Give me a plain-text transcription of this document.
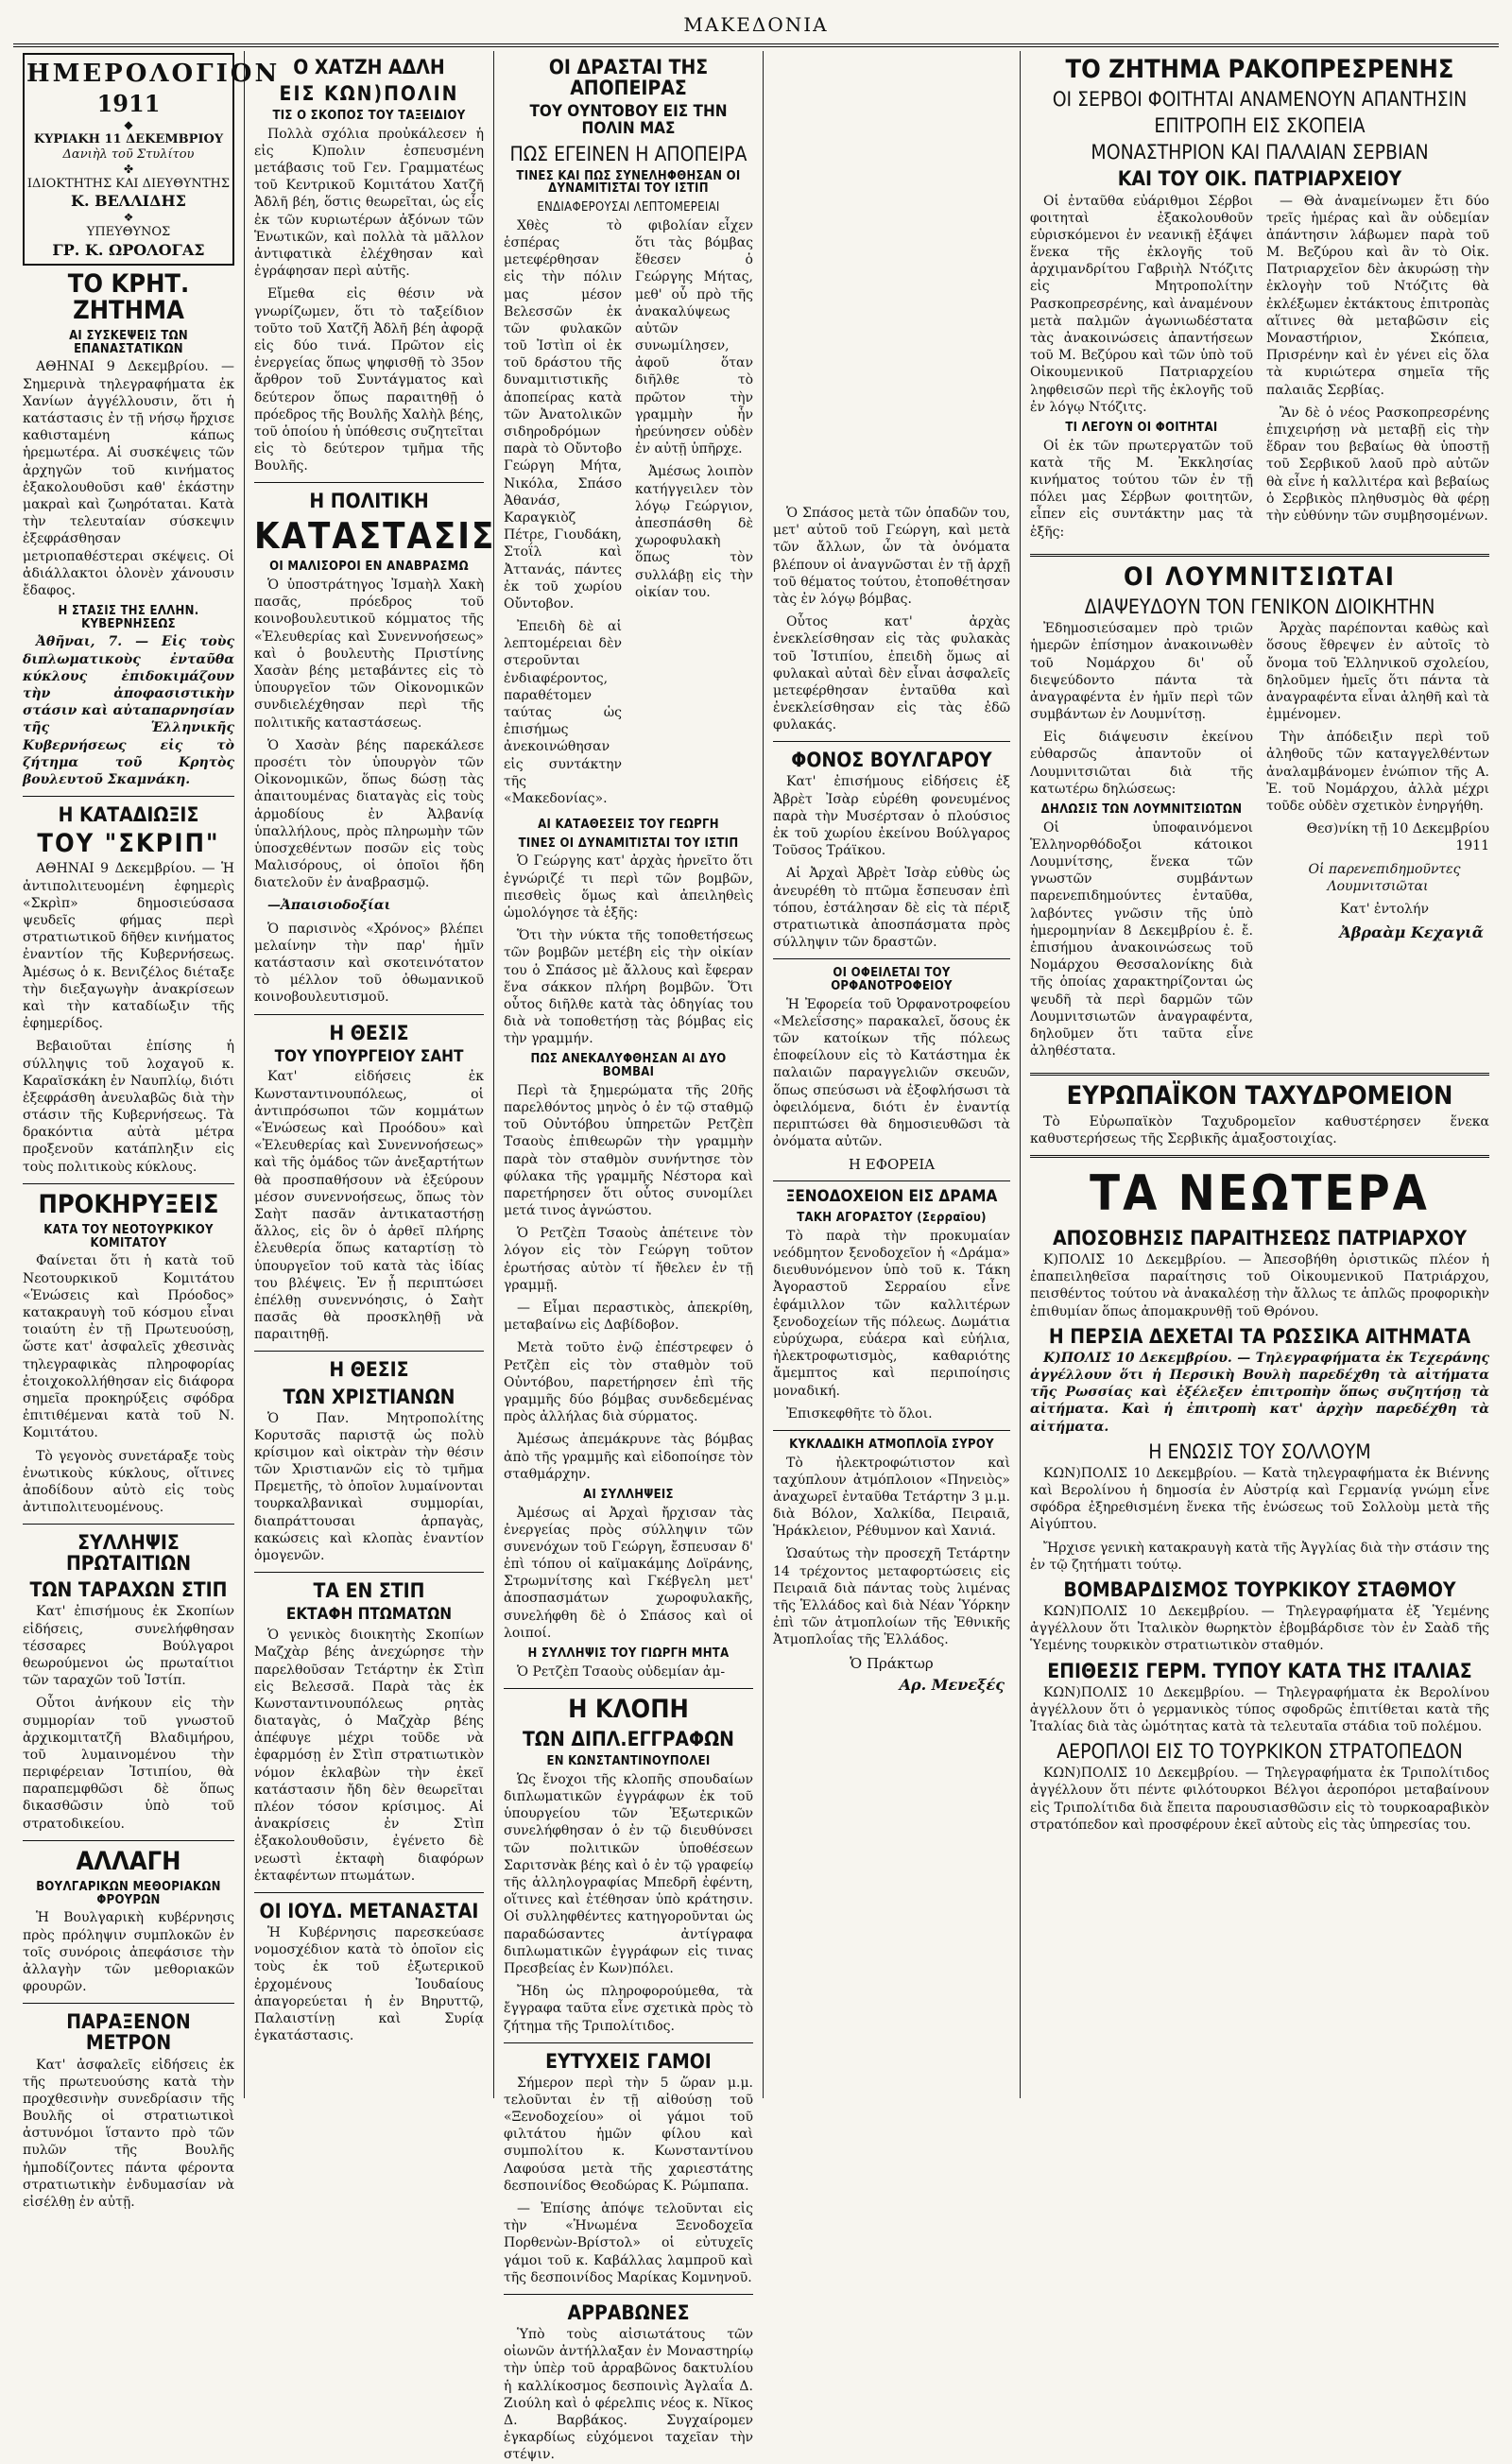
ΜΑΚΕΔΟΝΙΑ
ΗΜΕΡΟΛΟΓΙΟΝ
1911
◆
ΚΥΡΙΑΚΗ 11 ΔΕΚΕΜΒΡΙΟΥ
Δανιὴλ τοῦ Στυλίτου
✤
ΙΔΙΟΚΤΗΤΗΣ ΚΑΙ ΔΙΕΥΘΥΝΤΗΣ
Κ. ΒΕΛΛΙΔΗΣ
❖
ΥΠΕΥΘΥΝΟΣ
ΓΡ. Κ. ΩΡΟΛΟΓΑΣ
ΤΟ ΚΡΗΤ. ΖΗΤΗΜΑ
ΑΙ ΣΥΣΚΕΨΕΙΣ ΤΩΝ ΕΠΑΝΑΣΤΑΤΙΚΩΝ

ΑΘΗΝΑΙ 9 Δεκεμβρίου. — Σημερινὰ τηλεγραφήματα ἐκ Χανίων ἀγγέλλουσιν, ὅτι ἡ κατάστασις ἐν τῇ νήσῳ ἤρχισε καθισταμένη κάπως ἡρεμωτέρα. Αἱ συσκέψεις τῶν ἀρχηγῶν τοῦ κινήματος ἐξακολουθοῦσι καθ' ἑκάστην μακραὶ καὶ ζωηρόταται. Κατὰ τὴν τελευταίαν σύσκεψιν ἐξεφράσθησαν μετριοπαθέστεραι σκέψεις. Οἱ ἀδιάλλακτοι ὀλονὲν χάνουσιν ἔδαφος.

Η ΣΤΑΣΙΣ ΤΗΣ ΕΛΛΗΝ. ΚΥΒΕΡΝΗΣΕΩΣ

Ἀθῆναι, 7. — Εἰς τοὺς διπλωματικοὺς ἐνταῦθα κύκλους ἐπιδοκιμάζουν τὴν ἀποφασιστικὴν στάσιν καὶ αὐταπαρνησίαν τῆς Ἑλληνικῆς Κυβερνήσεως εἰς τὸ ζήτημα τοῦ Κρητὸς βουλευτοῦ Σκαμνάκη.

Η ΚΑΤΑΔΙΩΞΙΣ
ΤΟΥ "ΣΚΡΙΠ"

ΑΘΗΝΑΙ 9 Δεκεμβρίου. — Ἡ ἀντιπολιτευομένη ἐφημερὶς «Σκρὶπ» δημοσιεύσασα ψευδεῖς φήμας περὶ στρατιωτικοῦ δῆθεν κινήματος ἐναντίον τῆς Κυβερνήσεως. Ἀμέσως ὁ κ. Βενιζέλος διέταξε τὴν διεξαγωγὴν ἀνακρίσεων καὶ τὴν καταδίωξιν τῆς ἐφημερίδος.

Βεβαιοῦται ἐπίσης ἡ σύλληψις τοῦ λοχαγοῦ κ. Καραϊσκάκη ἐν Ναυπλίῳ, διότι ἐξεφράσθη ἀνευλαβῶς διὰ τὴν στάσιν τῆς Κυβερνήσεως. Τὰ δρακόντια αὐτὰ μέτρα προξενοῦν κατάπληξιν εἰς τοὺς πολιτικοὺς κύκλους.

ΠΡΟΚΗΡΥΞΕΙΣ
ΚΑΤΑ ΤΟΥ ΝΕΟΤΟΥΡΚΙΚΟΥ ΚΟΜΙΤΑΤΟΥ

Φαίνεται ὅτι ἡ κατὰ τοῦ Νεοτουρκικοῦ Κομιτάτου «Ἑνώσεις καὶ Πρόοδος» κατακραυγὴ τοῦ κόσμου εἶναι τοιαύτη ἐν τῇ Πρωτευούσῃ, ὥστε κατ' ἀσφαλεῖς χθεσινὰς τηλεγραφικὰς πληροφορίας ἐτοιχοκολλήθησαν εἰς διάφορα σημεῖα προκηρύξεις σφόδρα ἐπιτιθέμεναι κατὰ τοῦ Ν. Κομιτάτου.

Τὸ γεγονὸς συνετάραξε τοὺς ἐνωτικοὺς κύκλους, οἵτινες ἀποδίδουν αὐτὸ εἰς τοὺς ἀντιπολιτευομένους.

ΣΥΛΛΗΨΙΣ ΠΡΩΤΑΙΤΙΩΝ
ΤΩΝ ΤΑΡΑΧΩΝ ΣΤΙΠ

Κατ' ἐπισήμους ἐκ Σκοπίων εἰδήσεις, συνελήφθησαν τέσσαρες Βούλγαροι θεωρούμενοι ὡς πρωταίτιοι τῶν ταραχῶν τοῦ Ἰστίπ.

Οὗτοι ἀνήκουν εἰς τὴν συμμορίαν τοῦ γνωστοῦ ἀρχικομιτατζῆ Βλαδιμήρου, τοῦ λυμαινομένου τὴν περιφέρειαν Ἰστιπίου, θὰ παραπεμφθῶσι δὲ ὅπως δικασθῶσιν ὑπὸ τοῦ στρατοδικείου.

ΑΛΛΑΓΗ
ΒΟΥΛΓΑΡΙΚΩΝ ΜΕΘΟΡΙΑΚΩΝ ΦΡΟΥΡΩΝ

Ἡ Βουλγαρικὴ κυβέρνησις πρὸς πρόληψιν συμπλοκῶν ἐν τοῖς συνόροις ἀπεφάσισε τὴν ἀλλαγὴν τῶν μεθοριακῶν φρουρῶν.

ΠΑΡΑΞΕΝΟΝ ΜΕΤΡΟΝ

Κατ' ἀσφαλεῖς εἰδήσεις ἐκ τῆς πρωτευούσης κατὰ τὴν προχθεσινὴν συνεδρίασιν τῆς Βουλῆς οἱ στρατιωτικοὶ ἀστυνόμοι ἵσταντο πρὸ τῶν πυλῶν τῆς Βουλῆς ἡμποδίζοντες πάντα φέροντα στρατιωτικὴν ἐνδυμασίαν νὰ εἰσέλθῃ ἐν αὐτῇ.

Ο ΧΑΤΖΗ ΑΔΛΗ
ΕΙΣ ΚΩΝ)ΠΟΛΙΝ
ΤΙΣ Ο ΣΚΟΠΟΣ ΤΟΥ ΤΑΞΕΙΔΙΟΥ

Πολλὰ σχόλια προὐκάλεσεν ἡ εἰς Κ)πολιν ἐσπευσμένη μετάβασις τοῦ Γεν. Γραμματέως τοῦ Κεντρικοῦ Κομιτάτου Χατζῆ Ἀδλῆ βέη, ὅστις θεωρεῖται, ὡς εἷς ἐκ τῶν κυριωτέρων ἀξόνων τῶν Ἑνωτικῶν, καὶ πολλὰ τὰ μᾶλλον ἀντιφατικὰ ἐλέχθησαν καὶ ἐγράφησαν περὶ αὐτῆς.

Εἴμεθα εἰς θέσιν νὰ γνωρίζωμεν, ὅτι τὸ ταξείδιον τοῦτο τοῦ Χατζῆ Ἀδλῆ βέη ἀφορᾷ εἰς δύο τινά. Πρῶτον εἰς ἐνεργείας ὅπως ψηφισθῇ τὸ 35ον ἄρθρον τοῦ Συντάγματος καὶ δεύτερον ὅπως παραιτηθῇ ὁ πρόεδρος τῆς Βουλῆς Χαλὴλ βέης, τοῦ ὁποίου ἡ ὑπόθεσις συζητεῖται εἰς τὸ δεύτερον τμῆμα τῆς Βουλῆς.

Η ΠΟΛΙΤΙΚΗ
ΚΑΤΑΣΤΑΣΙΣ
ΟΙ ΜΑΛΙΣΟΡΟΙ ΕΝ ΑΝΑΒΡΑΣΜΩ

Ὁ ὑποστράτηγος Ἰσμαὴλ Χακὴ πασᾶς, πρόεδρος τοῦ κοινοβουλευτικοῦ κόμματος τῆς «Ἐλευθερίας καὶ Συνεννοήσεως» καὶ ὁ βουλευτὴς Πριστίνης Χασὰν βέης μεταβάντες εἰς τὸ ὑπουργεῖον τῶν Οἰκονομικῶν συνδιελέχθησαν περὶ τῆς πολιτικῆς καταστάσεως.

Ὁ Χασὰν βέης παρεκάλεσε προσέτι τὸν ὑπουργὸν τῶν Οἰκονομικῶν, ὅπως δώσῃ τὰς ἀπαιτουμένας διαταγὰς εἰς τοὺς ἁρμοδίους ἐν Ἀλβανίᾳ ὑπαλλήλους, πρὸς πληρωμὴν τῶν ὑποσχεθέντων ποσῶν εἰς τοὺς Μαλισόρους, οἱ ὁποῖοι ἤδη διατελοῦν ἐν ἀναβρασμῷ.

—Ἀπαισιοδοξίαι

Ὁ παρισινὸς «Χρόνος» βλέπει μελαίνην τὴν παρ' ἡμῖν κατάστασιν καὶ σκοτεινότατον τὸ μέλλον τοῦ ὀθωμανικοῦ κοινοβουλευτισμοῦ.

Η ΘΕΣΙΣ
ΤΟΥ ΥΠΟΥΡΓΕΙΟΥ ΣΑΗΤ

Κατ' εἰδήσεις ἐκ Κωνσταντινουπόλεως, οἱ ἀντιπρόσωποι τῶν κομμάτων «Ἑνώσεως καὶ Προόδου» καὶ «Ἐλευθερίας καὶ Συνεννοήσεως» καὶ τῆς ὁμάδος τῶν ἀνεξαρτήτων θὰ προσπαθήσουν νὰ ἐξεύρουν μέσον συνεννοήσεως, ὅπως τὸν Σαὴτ πασᾶν ἀντικαταστήσῃ ἄλλος, εἰς ὃν ὁ ἀρθεῖ πλήρης ἐλευθερία ὅπως καταρτίσῃ τὸ ὑπουργεῖον τοῦ κατὰ τὰς ἰδίας του βλέψεις. Ἐν ᾗ περιπτώσει ἐπέλθῃ συνεννόησις, ὁ Σαὴτ πασᾶς θὰ προσκληθῇ νὰ παραιτηθῇ.

Η ΘΕΣΙΣ
ΤΩΝ ΧΡΙΣΤΙΑΝΩΝ

Ὁ Παν. Μητροπολίτης Κορυτσᾶς παριστᾷ ὡς πολὺ κρίσιμον καὶ οἰκτρὰν τὴν θέσιν τῶν Χριστιανῶν εἰς τὸ τμῆμα Πρεμετῆς, τὸ ὁποῖον λυμαίνονται τουρκαλβανικαὶ συμμορίαι, διαπράττουσαι ἁρπαγὰς, κακώσεις καὶ κλοπὰς ἐναντίον ὁμογενῶν.

ΤΑ ΕΝ ΣΤΙΠ
ΕΚΤΑΦΗ ΠΤΩΜΑΤΩΝ

Ὁ γενικὸς διοικητὴς Σκοπίων Μαζχὰρ βέης ἀνεχώρησε τὴν παρελθοῦσαν Τετάρτην ἐκ Στὶπ εἰς Βελεσσᾶ. Παρὰ τὰς ἐκ Κωνσταντινουπόλεως ρητὰς διαταγὰς, ὁ Μαζχὰρ βέης ἀπέφυγε μέχρι τοῦδε νὰ ἐφαρμόσῃ ἐν Στὶπ στρατιωτικὸν νόμον ἐκλαβὼν τὴν ἐκεῖ κατάστασιν ἤδη δὲν θεωρεῖται πλέον τόσον κρίσιμος. Αἱ ἀνακρίσεις ἐν Στὶπ ἐξακολουθοῦσιν, ἐγένετο δὲ νεωστὶ ἐκταφὴ διαφόρων ἐκταφέντων πτωμάτων.

ΟΙ ΙΟΥΔ. ΜΕΤΑΝΑΣΤΑΙ

Ἡ Κυβέρνησις παρεσκεύασε νομοσχέδιον κατὰ τὸ ὁποῖον εἰς τοὺς ἐκ τοῦ ἐξωτερικοῦ ἐρχομένους Ἰουδαίους ἀπαγορεύεται ἡ ἐν Βηρυττῷ, Παλαιστίνῃ καὶ Συρίᾳ ἐγκατάστασις.

ΟΙ ΔΡΑΣΤΑΙ ΤΗΣ ΑΠΟΠΕΙΡΑΣ
ΤΟΥ ΟΥΝΤΟΒΟΥ ΕΙΣ ΤΗΝ ΠΟΛΙΝ ΜΑΣ
ΠΩΣ ΕΓΕΙΝΕΝ Η ΑΠΟΠΕΙΡΑ
ΤΙΝΕΣ ΚΑΙ ΠΩΣ ΣΥΝΕΛΗΦΘΗΣΑΝ ΟΙ ΔΥΝΑΜΙΤΙΣΤΑΙ ΤΟΥ ΙΣΤΙΠ
ΕΝΔΙΑΦΕΡΟΥΣΑΙ ΛΕΠΤΟΜΕΡΕΙΑΙ

Χθὲς τὸ ἑσπέρας μετεφέρθησαν εἰς τὴν πόλιν μας μέσον Βελεσσῶν ἐκ τῶν φυλακῶν τοῦ Ἰστὶπ οἱ ἐκ τοῦ δράστου τῆς δυναμιτιστικῆς ἀποπείρας κατὰ τῶν Ἀνατολικῶν σιδηροδρόμων παρὰ τὸ Οὔντοβο Γεώργη Μήτα, Νικόλα, Σπάσο Ἀθανάσ, Καραγκιὸζ Πέτρε, Γιουδάκη, Στοΐλ καὶ Ἀττανάς, πάντες ἐκ τοῦ χωρίου Οὔντοβον.

Ἐπειδὴ δὲ αἱ λεπτομέρειαι δὲν στεροῦνται ἐνδιαφέροντος, παραθέτομεν ταύτας ὡς ἐπισήμως ἀνεκοινώθησαν εἰς συντάκτην τῆς «Μακεδονίας».

φιβολίαν εἶχεν ὅτι τὰς βόμβας ἔθεσεν ὁ Γεώργης Μήτας, μεθ' οὗ πρὸ τῆς ἀνακαλύψεως αὐτῶν συνωμίλησεν, ἀφοῦ ὅταν διῆλθε τὸ πρῶτον τὴν γραμμὴν ἦν ἠρεύνησεν οὐδὲν ἐν αὐτῇ ὑπῆρχε.

Ἀμέσως λοιπὸν κατήγγειλεν τὸν λόγῳ Γεώργιον, ἀπεσπάσθη δὲ χωροφυλακὴ ὅπως τὸν συλλάβῃ εἰς τὴν οἰκίαν του.

ΑΙ ΚΑΤΑΘΕΣΕΙΣ ΤΟΥ ΓΕΩΡΓΗ
ΤΙΝΕΣ ΟΙ ΔΥΝΑΜΙΤΙΣΤΑΙ ΤΟΥ ΙΣΤΙΠ

Ὁ Γεώργης κατ' ἀρχὰς ἠρνεῖτο ὅτι ἐγνώριζέ τι περὶ τῶν βομβῶν, πιεσθεὶς ὅμως καὶ ἀπειληθεὶς ὡμολόγησε τὰ ἑξῆς:

Ὅτι τὴν νύκτα τῆς τοποθετήσεως τῶν βομβῶν μετέβη εἰς τὴν οἰκίαν του ὁ Σπάσος μὲ ἄλλους καὶ ἔφεραν ἕνα σάκκον πλήρη βομβῶν. Ὅτι οὗτος διῆλθε κατὰ τὰς ὁδηγίας του διὰ νὰ τοποθετήσῃ τὰς βόμβας εἰς τὴν γραμμήν.

ΠΩΣ ΑΝΕΚΑΛΥΦΘΗΣΑΝ ΑΙ ΔΥΟ ΒΟΜΒΑΙ

Περὶ τὰ ξημερώματα τῆς 20ῆς παρελθόντος μηνὸς ὁ ἐν τῷ σταθμῷ τοῦ Οὐντόβου ὑπηρετῶν Ρετζὲπ Τσαοὺς ἐπιθεωρῶν τὴν γραμμὴν παρὰ τὸν σταθμὸν συνήντησε τὸν φύλακα τῆς γραμμῆς Νέστορα καὶ παρετήρησεν ὅτι οὗτος συνομίλει μετά τινος ἀγνώστου.

Ὁ Ρετζὲπ Τσαοὺς ἀπέτεινε τὸν λόγον εἰς τὸν Γεώργη τοῦτον ἐρωτήσας αὐτὸν τί ἤθελεν ἐν τῇ γραμμῇ.

— Εἶμαι περαστικὸς, ἀπεκρίθη, μεταβαίνω εἰς Δαβίδοβον.

Μετὰ τοῦτο ἐνῷ ἐπέστρεφεν ὁ Ρετζὲπ εἰς τὸν σταθμὸν τοῦ Οὐντόβου, παρετήρησεν ἐπὶ τῆς γραμμῆς δύο βόμβας συνδεδεμένας πρὸς ἀλλήλας διὰ σύρματος.

Ἀμέσως ἀπεμάκρυνε τὰς βόμβας ἀπὸ τῆς γραμμῆς καὶ εἰδοποίησε τὸν σταθμάρχην.

ΑΙ ΣΥΛΛΗΨΕΙΣ

Ἀμέσως αἱ Ἀρχαὶ ἤρχισαν τὰς ἐνεργείας πρὸς σύλληψιν τῶν συνενόχων τοῦ Γεώργη, ἔσπευσαν δ' ἐπὶ τόπου οἱ καϊμακάμης Δοϊράνης, Στρωμνίτσης καὶ Γκέβγελη μετ' ἀποσπασμάτων χωροφυλακῆς, συνελήφθη δὲ ὁ Σπάσος καὶ οἱ λοιποί.

Η ΣΥΛΛΗΨΙΣ ΤΟΥ ΓΙΩΡΓΗ ΜΗΤΑ

Ὁ Ρετζὲπ Τσαοὺς οὐδεμίαν ἀμ-

Η ΚΛΟΠΗ
ΤΩΝ ΔΙΠΛ.ΕΓΓΡΑΦΩΝ
ΕΝ ΚΩΝΣΤΑΝΤΙΝΟΥΠΟΛΕΙ

Ὡς ἔνοχοι τῆς κλοπῆς σπουδαίων διπλωματικῶν ἐγγράφων ἐκ τοῦ ὑπουργείου τῶν Ἐξωτερικῶν συνελήφθησαν ὁ ἐν τῷ διευθύνσει τῶν πολιτικῶν ὑποθέσεων Σαριτσνὰκ βέης καὶ ὁ ἐν τῷ γραφείῳ τῆς ἀλληλογραφίας Μπεδρῆ ἐφέντη, οἵτινες καὶ ἐτέθησαν ὑπὸ κράτησιν. Οἱ συλληφθέντες κατηγοροῦνται ὡς παραδώσαντες ἀντίγραφα διπλωματικῶν ἐγγράφων εἰς τινας Πρεσβείας ἐν Κων)πόλει.

Ἤδη ὡς πληροφορούμεθα, τὰ ἔγγραφα ταῦτα εἶνε σχετικὰ πρὸς τὸ ζήτημα τῆς Τριπολίτιδος.

ΕΥΤΥΧΕΙΣ ΓΑΜΟΙ

Σήμερον περὶ τὴν 5 ὥραν μ.μ. τελοῦνται ἐν τῇ αἰθούσῃ τοῦ «Ξενοδοχείου» οἱ γάμοι τοῦ φιλτάτου ἡμῶν φίλου καὶ συμπολίτου κ. Κωνσταντίνου Λαφούσα μετὰ τῆς χαριεστάτης δεσποινίδος Θεοδώρας Κ. Ρώμπαπα.

— Ἐπίσης ἀπόψε τελοῦνται εἰς τὴν «Ἡνωμένα Ξενοδοχεῖα Πορθενὼν-Βρίστολ» οἱ εὐτυχεῖς γάμοι τοῦ κ. Καβάλλας λαμπροῦ καὶ τῆς δεσποινίδος Μαρίκας Κομνηνοῦ.

ΑΡΡΑΒΩΝΕΣ

Ὑπὸ τοὺς αἰσιωτάτους τῶν οἰωνῶν ἀντήλλαξαν ἐν Μοναστηρίῳ τὴν ὑπὲρ τοῦ ἀρραβῶνος δακτυλίου ἡ καλλίκοσμος δεσποινὶς Ἀγλαΐα Δ. Ζιούλη καὶ ὁ φέρελπις νέος κ. Νῖκος Δ. Βαρβάκος. Συγχαίρομεν ἐγκαρδίως εὐχόμενοι ταχεῖαν τὴν στέψιν.

Ὁ Σπάσος μετὰ τῶν ὁπαδῶν του, μετ' αὐτοῦ τοῦ Γεώργη, καὶ μετὰ τῶν ἄλλων, ὧν τὰ ὀνόματα βλέπουν οἱ ἀναγνῶσται ἐν τῇ ἀρχῇ τοῦ θέματος τούτου, ἐτοποθέτησαν τὰς ἐν λόγῳ βόμβας.

Οὗτος κατ' ἀρχὰς ἐνεκλείσθησαν εἰς τὰς φυλακὰς τοῦ Ἰστιπίου, ἐπειδὴ ὅμως αἱ φυλακαὶ αὐταὶ δὲν εἶναι ἀσφαλεῖς μετεφέρθησαν ἐνταῦθα καὶ ἐνεκλείσθησαν εἰς τὰς ἐδῶ φυλακάς.

ΦΟΝΟΣ ΒΟΥΛΓΑΡΟΥ

Κατ' ἐπισήμους εἰδήσεις ἐξ Ἀβρὲτ Ἰσὰρ εὑρέθη φονευμένος παρὰ τὴν Μυσέρτσαν ὁ πλούσιος ἐκ τοῦ χωρίου ἐκείνου Βούλγαρος Τοῦσος Τράϊκου.

Αἱ Ἀρχαὶ Ἀβρὲτ Ἰσὰρ εὐθὺς ὡς ἀνευρέθη τὸ πτῶμα ἔσπευσαν ἐπὶ τόπου, ἐστάλησαν δὲ εἰς τὰ πέριξ στρατιωτικὰ ἀποσπάσματα πρὸς σύλληψιν τῶν δραστῶν.

ΟΙ ΟΦΕΙΛΕΤΑΙ ΤΟΥ ΟΡΦΑΝΟΤΡΟΦΕΙΟΥ

Ἡ Ἐφορεία τοῦ Ὀρφανοτροφείου «Μελεΐσσης» παρακαλεῖ, ὅσους ἐκ τῶν κατοίκων τῆς πόλεως ἐποφείλουν εἰς τὸ Κατάστημα ἐκ παλαιῶν παραγγελιῶν σκευῶν, ὅπως σπεύσωσι νὰ ἐξοφλήσωσι τὰ ὀφειλόμενα, διότι ἐν ἐναντίᾳ περιπτώσει θὰ δημοσιευθῶσι τὰ ὀνόματα αὐτῶν.

Η ΕΦΟΡΕΙΑ
ΞΕΝΟΔΟΧΕΙΟΝ ΕΙΣ ΔΡΑΜΑ
ΤΑΚΗ ΑΓΟΡΑΣΤΟΥ (Σερραῖου)

Τὸ παρὰ τὴν προκυμαίαν νεόδμητον ξενοδοχεῖον ἡ «Δράμα» διευθυνόμενον ὑπὸ τοῦ κ. Τάκη Ἀγοραστοῦ Σερραίου εἶνε ἐφάμιλλον τῶν καλλιτέρων ξενοδοχείων τῆς πόλεως. Δωμάτια εὐρύχωρα, εὐάερα καὶ εὐήλια, ἠλεκτροφωτισμὸς, καθαριότης ἄμεμπτος καὶ περιποίησις μοναδική.

Ἐπισκεφθῆτε τὸ ὅλοι.

ΚΥΚΛΑΔΙΚΗ ΑΤΜΟΠΛΟΪΑ ΣΥΡΟΥ

Τὸ ἠλεκτροφώτιστον καὶ ταχύπλουν ἀτμόπλοιον «Πηνειὸς» ἀναχωρεῖ ἐνταῦθα Τετάρτην 3 μ.μ. διὰ Βόλον, Χαλκίδα, Πειραιᾶ, Ἡράκλειον, Ρέθυμνον καὶ Χανιά.

Ὡσαύτως τὴν προσεχῆ Τετάρτην 14 τρέχοντος μεταφορτώσεις εἰς Πειραιᾶ διὰ πάντας τοὺς λιμένας τῆς Ἑλλάδος καὶ διὰ Νέαν Ὑόρκην ἐπὶ τῶν ἀτμοπλοίων τῆς Ἐθνικῆς Ἀτμοπλοΐας τῆς Ἑλλάδος.

Ὁ Πράκτωρ
Αρ. Μενεξές
ΤΟ ΖΗΤΗΜΑ ΡΑΚΟΠΡΕΣΡΕΝΗΣ
ΟΙ ΣΕΡΒΟΙ ΦΟΙΤΗΤΑΙ ΑΝΑΜΕΝΟΥΝ ΑΠΑΝΤΗΣΙΝ
ΕΠΙΤΡΟΠΗ ΕΙΣ ΣΚΟΠΕΙΑ
ΜΟΝΑΣΤΗΡΙΟΝ ΚΑΙ ΠΑΛΑΙΑΝ ΣΕΡΒΙΑΝ
ΚΑΙ ΤΟΥ ΟΙΚ. ΠΑΤΡΙΑΡΧΕΙΟΥ

Οἱ ἐνταῦθα εὐάριθμοι Σέρβοι φοιτηταὶ ἐξακολουθοῦν εὑρισκόμενοι ἐν νεανικῇ ἐξάψει ἕνεκα τῆς ἐκλογῆς τοῦ ἀρχιμανδρίτου Γαβριὴλ Ντόζιτς εἰς Μητροπολίτην Ρασκοπρεσρένης, καὶ ἀναμένουν μετὰ παλμῶν ἀγωνιωδέστατα τὰς ἀνακοινώσεις ἀπαντήσεων τοῦ Μ. Βεζύρου καὶ τῶν ὑπὸ τοῦ Οἰκουμενικοῦ Πατριαρχείου ληφθεισῶν περὶ τῆς ἐκλογῆς τοῦ ἐν λόγῳ Ντόζιτς.

ΤΙ ΛΕΓΟΥΝ ΟΙ ΦΟΙΤΗΤΑΙ

Οἱ ἐκ τῶν πρωτεργατῶν τοῦ κατὰ τῆς Μ. Ἐκκλησίας κινήματος τούτου τῶν ἐν τῇ πόλει μας Σέρβων φοιτητῶν, εἶπεν εἰς συντάκτην μας τὰ ἑξῆς:

— Θὰ ἀναμείνωμεν ἔτι δύο τρεῖς ἡμέρας καὶ ἂν οὐδεμίαν ἀπάντησιν λάβωμεν παρὰ τοῦ Μ. Βεζύρου καὶ ἂν τὸ Οἰκ. Πατριαρχεῖον δὲν ἀκυρώσῃ τὴν ἐκλογὴν τοῦ Ντόζιτς θὰ ἐκλέξωμεν ἐκτάκτους ἐπιτροπὰς αἵτινες θὰ μεταβῶσιν εἰς Μοναστήριον, Σκόπεια, Πρισρένην καὶ ἐν γένει εἰς ὅλα τὰ κυριώτερα σημεῖα τῆς παλαιᾶς Σερβίας.

Ἂν δὲ ὁ νέος Ρασκοπρεσρένης ἐπιχειρήσῃ νὰ μεταβῇ εἰς τὴν ἕδραν του βεβαίως θὰ ὑποστῇ τοῦ Σερβικοῦ λαοῦ πρὸ αὐτῶν θὰ εἶνε ἡ καλλιτέρα καὶ βεβαίως ὁ Σερβικὸς πληθυσμὸς θὰ φέρῃ τὴν εὐθύνην τῶν συμβησομένων.

ΟΙ ΛΟΥΜΝΙΤΣΙΩΤΑΙ
ΔΙΑΨΕΥΔΟΥΝ ΤΟΝ ΓΕΝΙΚΟΝ ΔΙΟΙΚΗΤΗΝ

Ἐδημοσιεύσαμεν πρὸ τριῶν ἡμερῶν ἐπίσημον ἀνακοινωθὲν τοῦ Νομάρχου δι' οὗ διεψεύδοντο πάντα τὰ ἀναγραφέντα ἐν ἡμῖν περὶ τῶν συμβάντων ἐν Λουμνίτσῃ.

Εἰς διάψευσιν ἐκείνου εὐθαρσῶς ἀπαντοῦν οἱ Λουμνιτσιῶται διὰ τῆς κατωτέρω δηλώσεως:

ΔΗΛΩΣΙΣ ΤΩΝ ΛΟΥΜΝΙΤΣΙΩΤΩΝ

Οἱ ὑποφαινόμενοι Ἑλληνορθόδοξοι κάτοικοι Λουμνίτσης, ἕνεκα τῶν γνωστῶν συμβάντων παρενεπιδημούντες ἐνταῦθα, λαβόντες γνῶσιν τῆς ὑπὸ ἡμερομηνίαν 8 Δεκεμβρίου ἐ. ἔ. ἐπισήμου ἀνακοινώσεως τοῦ Νομάρχου Θεσσαλονίκης διὰ τῆς ὁποίας χαρακτηρίζονται ὡς ψευδῆ τὰ περὶ δαρμῶν τῶν Λουμνιτσιωτῶν ἀναγραφέντα, δηλοῦμεν ὅτι ταῦτα εἶνε ἀληθέστατα.

Ἀρχὰς παρέπονται καθὼς καὶ ὅσους ἔθρεψεν ἐν αὐτοῖς τὸ ὄνομα τοῦ Ἑλληνικοῦ σχολείου, δηλοῦμεν ἡμεῖς ὅτι πάντα τὰ ἀναγραφέντα εἶναι ἀληθῆ καὶ τὰ ἐμμένομεν.

Τὴν ἀπόδειξιν περὶ τοῦ ἀληθοῦς τῶν καταγγελθέντων ἀναλαμβάνομεν ἐνώπιον τῆς Α. Ἐ. τοῦ Νομάρχου, ἀλλὰ μέχρι τοῦδε οὐδὲν σχετικὸν ἐνηργήθη.

Θεσ)νίκη τῇ 10 Δεκεμβρίου 1911

Οἱ παρενεπιδημοῦντες Λουμνιτσιῶται

Κατ' ἐντολήν

Ἀβραὰμ Κεχαγιᾶ
ΕΥΡΩΠΑΪΚΟΝ ΤΑΧΥΔΡΟΜΕΙΟΝ

Τὸ Εὐρωπαϊκὸν Ταχυδρομεῖον καθυστέρησεν ἕνεκα καθυστερήσεως τῆς Σερβικῆς ἁμαξοστοιχίας.

ΤΑ ΝΕΩΤΕΡΑ
ΑΠΟΣΟΒΗΣΙΣ ΠΑΡΑΙΤΗΣΕΩΣ ΠΑΤΡΙΑΡΧΟΥ

Κ)ΠΟΛΙΣ 10 Δεκεμβρίου. — Ἀπεσοβήθη ὁριστικῶς πλέον ἡ ἐπαπειληθεῖσα παραίτησις τοῦ Οἰκουμενικοῦ Πατριάρχου, πεισθέντος τούτου νὰ ἀνακαλέσῃ τὴν ἄλλως τε ἁπλῶς προφορικὴν ἐπιθυμίαν ὅπως ἀπομακρυνθῇ τοῦ Θρόνου.

Η ΠΕΡΣΙΑ ΔΕΧΕΤΑΙ ΤΑ ΡΩΣΣΙΚΑ ΑΙΤΗΜΑΤΑ

Κ)ΠΟΛΙΣ 10 Δεκεμβρίου. — Τηλεγραφήματα ἐκ Τεχεράνης ἀγγέλλουν ὅτι ἡ Περσικὴ Βουλὴ παρεδέχθη τὰ αἰτήματα τῆς Ρωσσίας καὶ ἐξέλεξεν ἐπιτροπὴν ὅπως συζητήσῃ τὰ αἰτήματα. Καὶ ἡ ἐπιτροπὴ κατ' ἀρχὴν παρεδέχθη τὰ αἰτήματα.

Η ΕΝΩΣΙΣ ΤΟΥ ΣΟΛΛΟΥΜ

ΚΩΝ)ΠΟΛΙΣ 10 Δεκεμβρίου. — Κατὰ τηλεγραφήματα ἐκ Βιέννης καὶ Βερολίνου ἡ δημοσία ἐν Αὐστρίᾳ καὶ Γερμανίᾳ γνώμη εἶνε σφόδρα ἐξηρεθισμένη ἕνεκα τῆς ἑνώσεως τοῦ Σολλοὺμ μετὰ τῆς Αἰγύπτου.

Ἤρχισε γενικὴ κατακραυγὴ κατὰ τῆς Ἀγγλίας διὰ τὴν στάσιν της ἐν τῷ ζητήματι τούτῳ.

ΒΟΜΒΑΡΔΙΣΜΟΣ ΤΟΥΡΚΙΚΟΥ ΣΤΑΘΜΟΥ

ΚΩΝ)ΠΟΛΙΣ 10 Δεκεμβρίου. — Τηλεγραφήματα ἐξ Ὑεμένης ἀγγέλλουν ὅτι Ἰταλικὸν θωρηκτὸν ἐβομβάρδισε τὸν ἐν Σαὰδ τῆς Ὑεμένης τουρκικὸν στρατιωτικὸν σταθμόν.

ΕΠΙΘΕΣΙΣ ΓΕΡΜ. ΤΥΠΟΥ ΚΑΤΑ ΤΗΣ ΙΤΑΛΙΑΣ

ΚΩΝ)ΠΟΛΙΣ 10 Δεκεμβρίου. — Τηλεγραφήματα ἐκ Βερολίνου ἀγγέλλουν ὅτι ὁ γερμανικὸς τύπος σφοδρῶς ἐπιτίθεται κατὰ τῆς Ἰταλίας διὰ τὰς ὠμότητας κατὰ τὰ τελευταῖα στάδια τοῦ πολέμου.

ΑΕΡΟΠΛΟΙ ΕΙΣ ΤΟ ΤΟΥΡΚΙΚΟΝ ΣΤΡΑΤΟΠΕΔΟΝ

ΚΩΝ)ΠΟΛΙΣ 10 Δεκεμβρίου. — Τηλεγραφήματα ἐκ Τριπολίτιδος ἀγγέλλουν ὅτι πέντε φιλότουρκοι Βέλγοι ἀεροπόροι μεταβαίνουν εἰς Τριπολίτιδα διὰ ἔπειτα παρουσιασθῶσιν εἰς τὸ τουρκοαραβικὸν στρατόπεδον καὶ προσφέρουν ἐκεῖ αὐτοὺς εἰς τὰς ὑπηρεσίας του.
